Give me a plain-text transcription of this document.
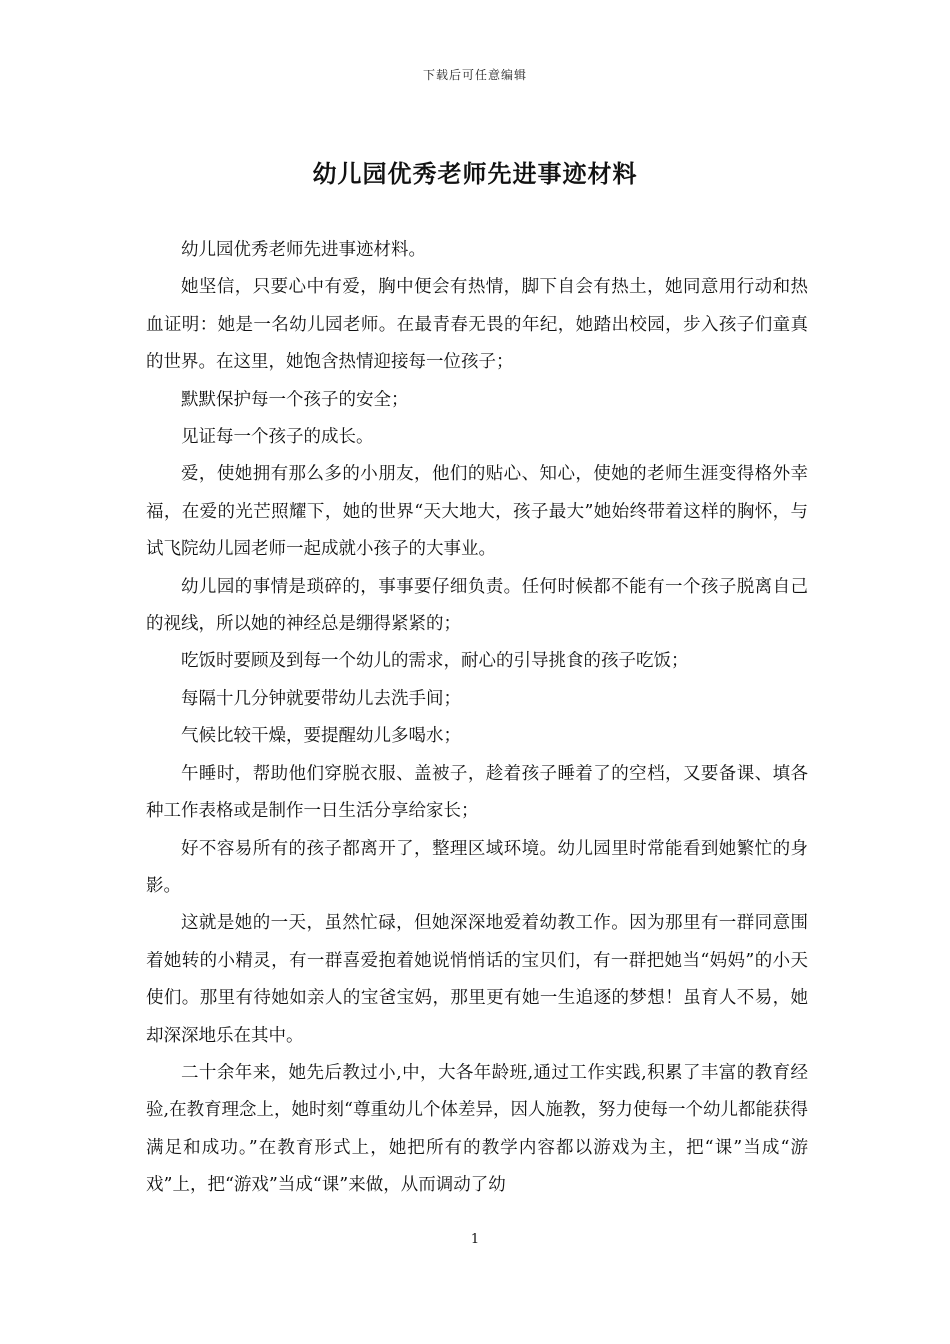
下载后可任意编辑
幼儿园优秀老师先进事迹材料

幼儿园优秀老师先进事迹材料。

她坚信，只要心中有爱，胸中便会有热情，脚下自会有热土，她同意用行动和热血证明：她是一名幼儿园老师。在最青春无畏的年纪，她踏出校园，步入孩子们童真的世界。在这里，她饱含热情迎接每一位孩子；

默默保护每一个孩子的安全；

见证每一个孩子的成长。

爱，使她拥有那么多的小朋友，他们的贴心、知心，使她的老师生涯变得格外幸福，在爱的光芒照耀下，她的世界“天大地大，孩子最大”她始终带着这样的胸怀，与试飞院幼儿园老师一起成就小孩子的大事业。

幼儿园的事情是琐碎的，事事要仔细负责。任何时候都不能有一个孩子脱离自己的视线，所以她的神经总是绷得紧紧的；

吃饭时要顾及到每一个幼儿的需求，耐心的引导挑食的孩子吃饭；

每隔十几分钟就要带幼儿去洗手间；

气候比较干燥，要提醒幼儿多喝水；

午睡时，帮助他们穿脱衣服、盖被子，趁着孩子睡着了的空档，又要备课、填各种工作表格或是制作一日生活分享给家长；

好不容易所有的孩子都离开了，整理区域环境。幼儿园里时常能看到她繁忙的身影。

这就是她的一天，虽然忙碌，但她深深地爱着幼教工作。因为那里有一群同意围着她转的小精灵，有一群喜爱抱着她说悄悄话的宝贝们，有一群把她当“妈妈”的小天使们。那里有待她如亲人的宝爸宝妈，那里更有她一生追逐的梦想！虽育人不易，她却深深地乐在其中。

二十余年来，她先后教过小,中，大各年龄班,通过工作实践,积累了丰富的教育经验,在教育理念上，她时刻“尊重幼儿个体差异，因人施教，努力使每一个幼儿都能获得满足和成功。”在教育形式上，她把所有的教学内容都以游戏为主，把“课”当成“游戏”上，把“游戏”当成“课”来做，从而调动了幼

1
